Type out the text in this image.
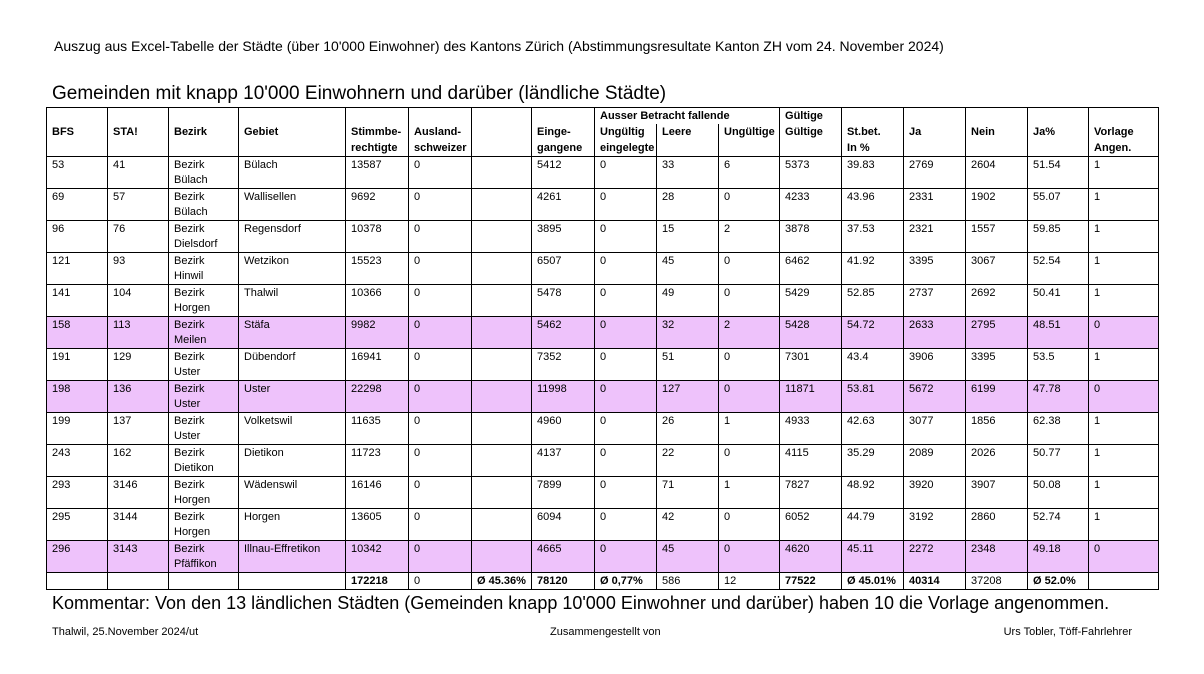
Auszug aus Excel-Tabelle der Städte (über 10'000 Einwohner) des Kantons Zürich (Abstimmungsresultate Kanton ZH vom 24. November 2024)
Gemeinden mit knapp 10'000 Einwohnern und darüber (ländliche Städte)
								Ausser Betracht fallende			Gültige					
BFS	STA!	Bezirk	Gebiet	Stimmbe-	Ausland-		Einge-	Ungültig	Leere	Ungültige	Gültige	St.bet.	Ja	Nein	Ja%	Vorlage
				rechtigte	schweizer		gangene	eingelegte				In %				Angen.
53	41	Bezirk Bülach	Bülach	13587	0		5412	0	33	6	5373	39.83	2769	2604	51.54	1
69	57	Bezirk Bülach	Wallisellen	9692	0		4261	0	28	0	4233	43.96	2331	1902	55.07	1
96	76	Bezirk Dielsdorf	Regensdorf	10378	0		3895	0	15	2	3878	37.53	2321	1557	59.85	1
121	93	Bezirk Hinwil	Wetzikon	15523	0		6507	0	45	0	6462	41.92	3395	3067	52.54	1
141	104	Bezirk Horgen	Thalwil	10366	0		5478	0	49	0	5429	52.85	2737	2692	50.41	1
158	113	Bezirk Meilen	Stäfa	9982	0		5462	0	32	2	5428	54.72	2633	2795	48.51	0
191	129	Bezirk Uster	Dübendorf	16941	0		7352	0	51	0	7301	43.4	3906	3395	53.5	1
198	136	Bezirk Uster	Uster	22298	0		11998	0	127	0	11871	53.81	5672	6199	47.78	0
199	137	Bezirk Uster	Volketswil	11635	0		4960	0	26	1	4933	42.63	3077	1856	62.38	1
243	162	Bezirk Dietikon	Dietikon	11723	0		4137	0	22	0	4115	35.29	2089	2026	50.77	1
293	3146	Bezirk Horgen	Wädenswil	16146	0		7899	0	71	1	7827	48.92	3920	3907	50.08	1
295	3144	Bezirk Horgen	Horgen	13605	0		6094	0	42	0	6052	44.79	3192	2860	52.74	1
296	3143	Bezirk Pfäffikon	Illnau-Effretikon	10342	0		4665	0	45	0	4620	45.11	2272	2348	49.18	0
				172218	0	Ø 45.36%	78120	Ø 0,77%	586	12	77522	Ø 45.01%	40314	37208	Ø 52.0%	
Kommentar: Von den 13 ländlichen Städten (Gemeinden knapp 10'000 Einwohner und darüber) haben 10 die Vorlage angenommen.
Thalwil, 25.November 2024/ut	Zusammengestellt von	Urs Tobler, Töff-Fahrlehrer
